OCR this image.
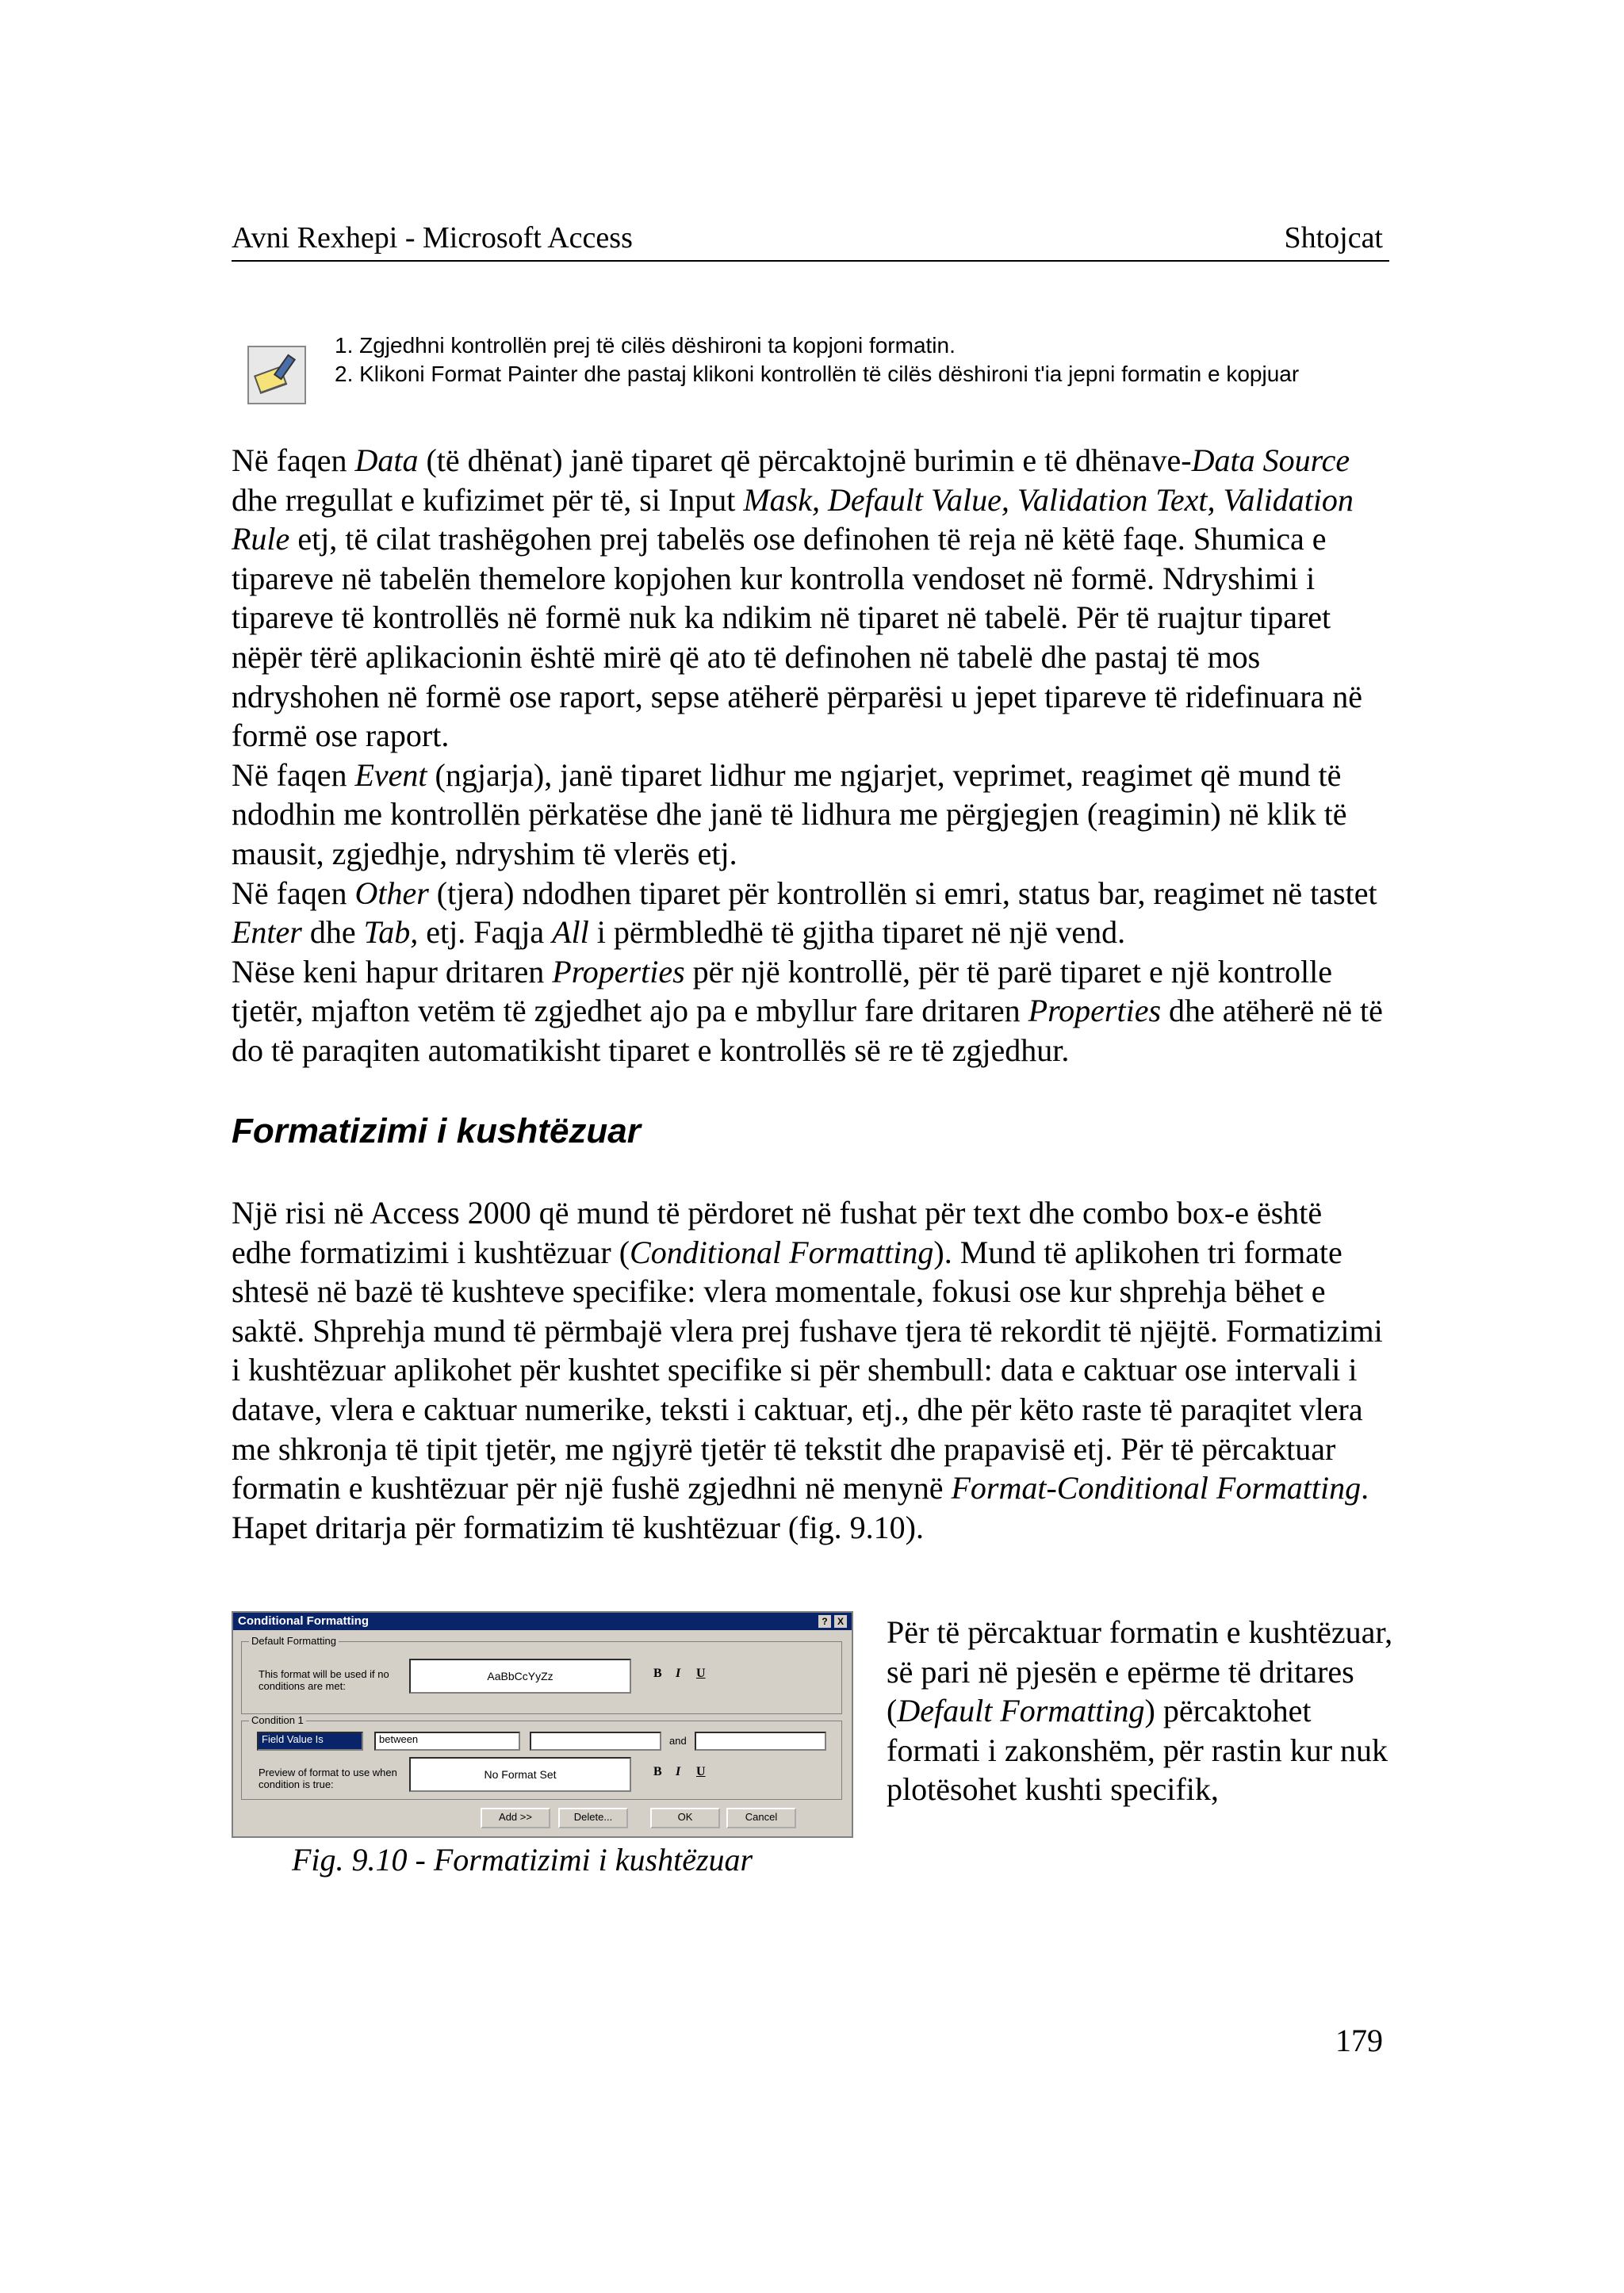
Avni Rexhepi - Microsoft Access	Shtojcat
1. Zgjedhni kontrollën prej të cilës dëshironi ta kopjoni formatin.
2. Klikoni Format Painter dhe pastaj klikoni kontrollën të cilës dëshironi t'ia jepni formatin e kopjuar

Në faqen Data (të dhënat) janë tiparet që përcaktojnë burimin e të dhënave-Data Source dhe rregullat e kufizimet për të, si Input Mask, Default Value, Validation Text, Validation Rule etj, të cilat trashëgohen prej tabelës ose definohen të reja në këtë faqe. Shumica e tipareve në tabelën themelore kopjohen kur kontrolla vendoset në formë. Ndryshimi i tipareve të kontrollës në formë nuk ka ndikim në tiparet në tabelë. Për të ruajtur tiparet nëpër tërë aplikacionin është mirë që ato të definohen në tabelë dhe pastaj të mos ndryshohen në formë ose raport, sepse atëherë përparësi u jepet tipareve të ridefinuara në formë ose raport.

Në faqen Event (ngjarja), janë tiparet lidhur me ngjarjet, veprimet, reagimet që mund të ndodhin me kontrollën përkatëse dhe janë të lidhura me përgjegjen (reagimin) në klik të mausit, zgjedhje, ndryshim të vlerës etj.

Në faqen Other (tjera) ndodhen tiparet për kontrollën si emri, status bar, reagimet në tastet Enter dhe Tab, etj. Faqja All i përmbledhë të gjitha tiparet në një vend.

Nëse keni hapur dritaren Properties për një kontrollë, për të parë tiparet e një kontrolle tjetër, mjafton vetëm të zgjedhet ajo pa e mbyllur fare dritaren Properties dhe atëherë në të do të paraqiten automatikisht tiparet e kontrollës së re të zgjedhur.

Formatizimi i kushtëzuar

Një risi në Access 2000 që mund të përdoret në fushat për text dhe combo box-e është edhe formatizimi i kushtëzuar (Conditional Formatting). Mund të aplikohen tri formate shtesë në bazë të kushteve specifike: vlera momentale, fokusi ose kur shprehja bëhet e saktë. Shprehja mund të përmbajë vlera prej fushave tjera të rekordit të njëjtë. Formatizimi i kushtëzuar aplikohet për kushtet specifike si për shembull: data e caktuar ose intervali i datave, vlera e caktuar numerike, teksti i caktuar, etj., dhe për këto raste të paraqitet vlera me shkronja të tipit tjetër, me ngjyrë tjetër të tekstit dhe prapavisë etj. Për të përcaktuar formatin e kushtëzuar për një fushë zgjedhni në menynë Format-Conditional Formatting. Hapet dritarja për formatizim të kushtëzuar (fig. 9.10).

Conditional Formatting	?	X
Default Formatting
This format will be used if no conditions are met:
AaBbCcYyZz	B I U
Condition 1
Field Value Is	between	and
Preview of format to use when condition is true:
No Format Set	B I U
Add >>	Delete...	OK	Cancel
Fig. 9.10 - Formatizimi i kushtëzuar

Për të përcaktuar formatin e kushtëzuar, së pari në pjesën e epërme të dritares (Default Formatting) përcaktohet formati i zakonshëm, për rastin kur nuk plotësohet kushti specifik,

179
